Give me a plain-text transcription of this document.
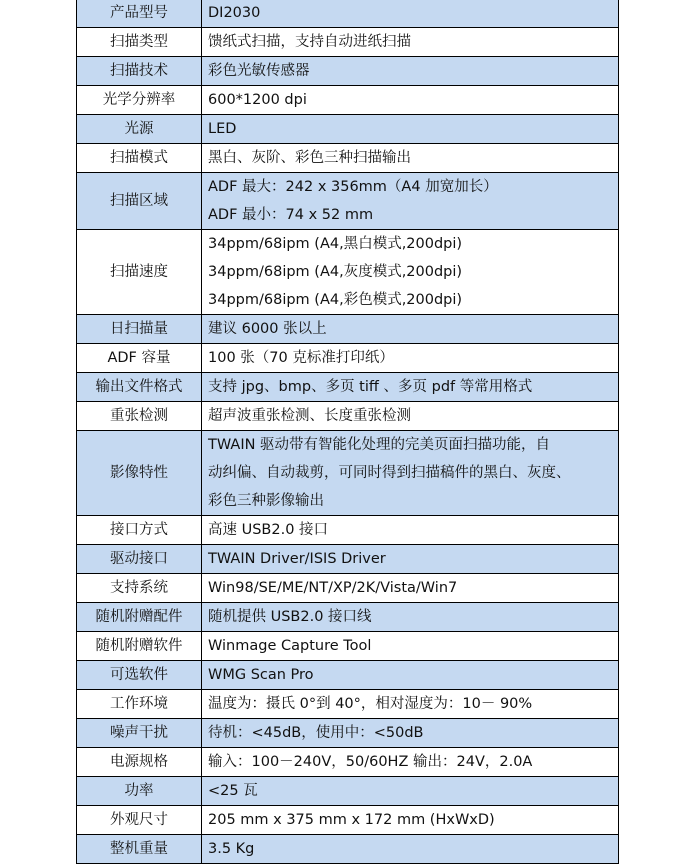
产品型号	DI2030

扫描类型	馈纸式扫描，支持自动进纸扫描

扫描技术	彩色光敏传感器

光学分辨率	600*1200 dpi

光源	LED

扫描模式	黑白、灰阶、彩色三种扫描输出

扫描区域	ADF 最大：242 x 356mm（A4 加宽加长）
ADF 最小：74 x 52 mm

扫描速度	34ppm/68ipm (A4,黑白模式,200dpi)
34ppm/68ipm (A4,灰度模式,200dpi)
34ppm/68ipm (A4,彩色模式,200dpi)

日扫描量	建议 6000 张以上

ADF 容量	100 张（70 克标准打印纸）

输出文件格式	支持 jpg、bmp、多页 tiff 、多页 pdf 等常用格式

重张检测	超声波重张检测、长度重张检测

影像特性	TWAIN 驱动带有智能化处理的完美页面扫描功能，自
动纠偏、自动裁剪，可同时得到扫描稿件的黑白、灰度、
彩色三种影像输出

接口方式	高速 USB2.0 接口

驱动接口	TWAIN Driver/ISIS Driver

支持系统	Win98/SE/ME/NT/XP/2K/Vista/Win7

随机附赠配件	随机提供 USB2.0 接口线

随机附赠软件	Winmage Capture Tool

可选软件	WMG Scan Pro

工作环境	温度为：摄氏 0°到 40°，相对湿度为：10－ 90%

噪声干扰	待机：<45dB，使用中：<50dB

电源规格	输入：100－240V，50/60HZ 输出：24V，2.0A

功率	<25 瓦

外观尺寸	205 mm x 375 mm x 172 mm (HxWxD)

整机重量	3.5 Kg
